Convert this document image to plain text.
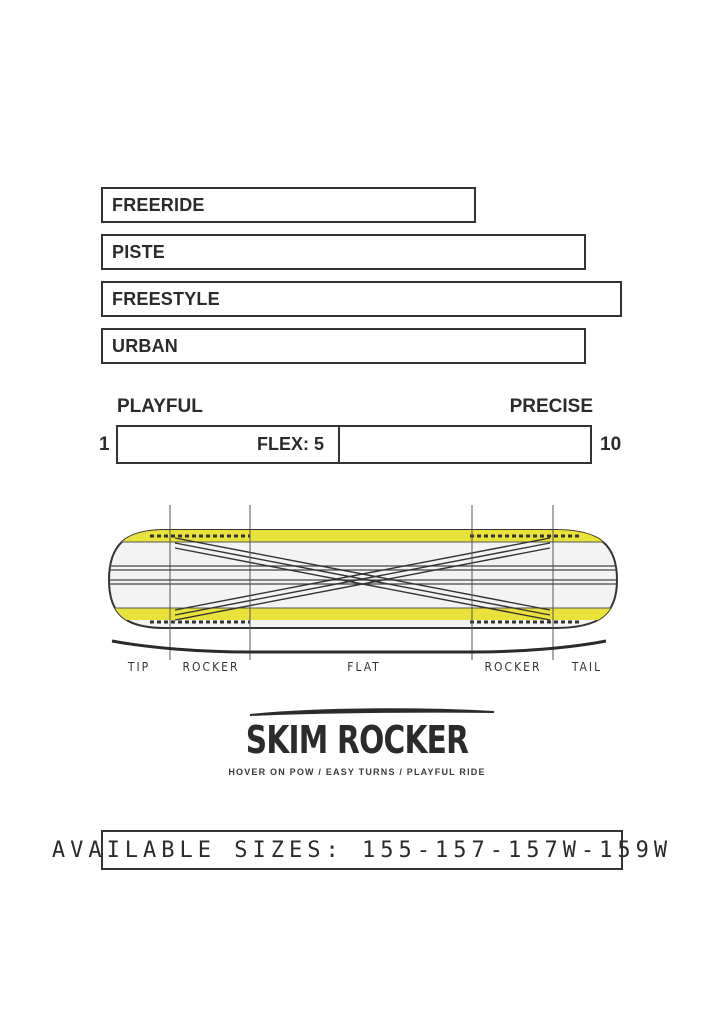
FREERIDE
PISTE
FREESTYLE
URBAN
PLAYFUL	PRECISE
1	10
FLEX: 5
TIP	ROCKER	FLAT	ROCKER	TAIL
SKIM ROCKER
HOVER ON POW / EASY TURNS / PLAYFUL RIDE
AVAILABLE SIZES: 155-157-157W-159W
